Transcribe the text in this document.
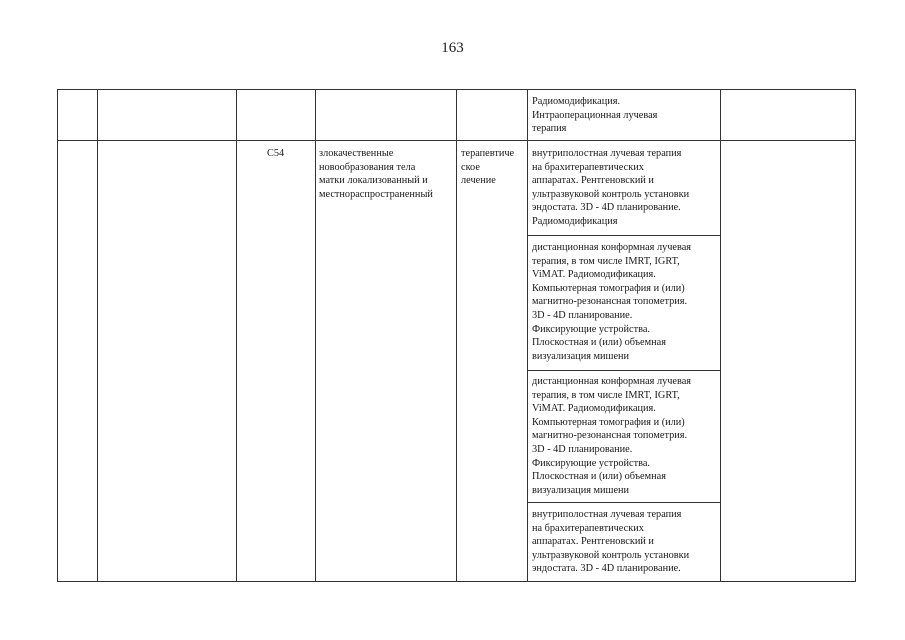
163
Радиомодификация.
Интраоперационная лучевая
терапия
C54	злокачественные
новообразования тела
матки локализованный и
местнораспространенный
терапевтиче
ское
лечение
внутриполостная лучевая терапия
на брахитерапевтических
аппаратах. Рентгеновский и
ультразвуковой контроль установки
эндостата. 3D - 4D планирование.
Радиомодификация
дистанционная конформная лучевая
терапия, в том числе IMRT, IGRT,
ViMAT. Радиомодификация.
Компьютерная томография и (или)
магнитно-резонансная топометрия.
3D - 4D планирование.
Фиксирующие устройства.
Плоскостная и (или) объемная
визуализация мишени
дистанционная конформная лучевая
терапия, в том числе IMRT, IGRT,
ViMAT. Радиомодификация.
Компьютерная томография и (или)
магнитно-резонансная топометрия.
3D - 4D планирование.
Фиксирующие устройства.
Плоскостная и (или) объемная
визуализация мишени
внутриполостная лучевая терапия
на брахитерапевтических
аппаратах. Рентгеновский и
ультразвуковой контроль установки
эндостата. 3D - 4D планирование.
